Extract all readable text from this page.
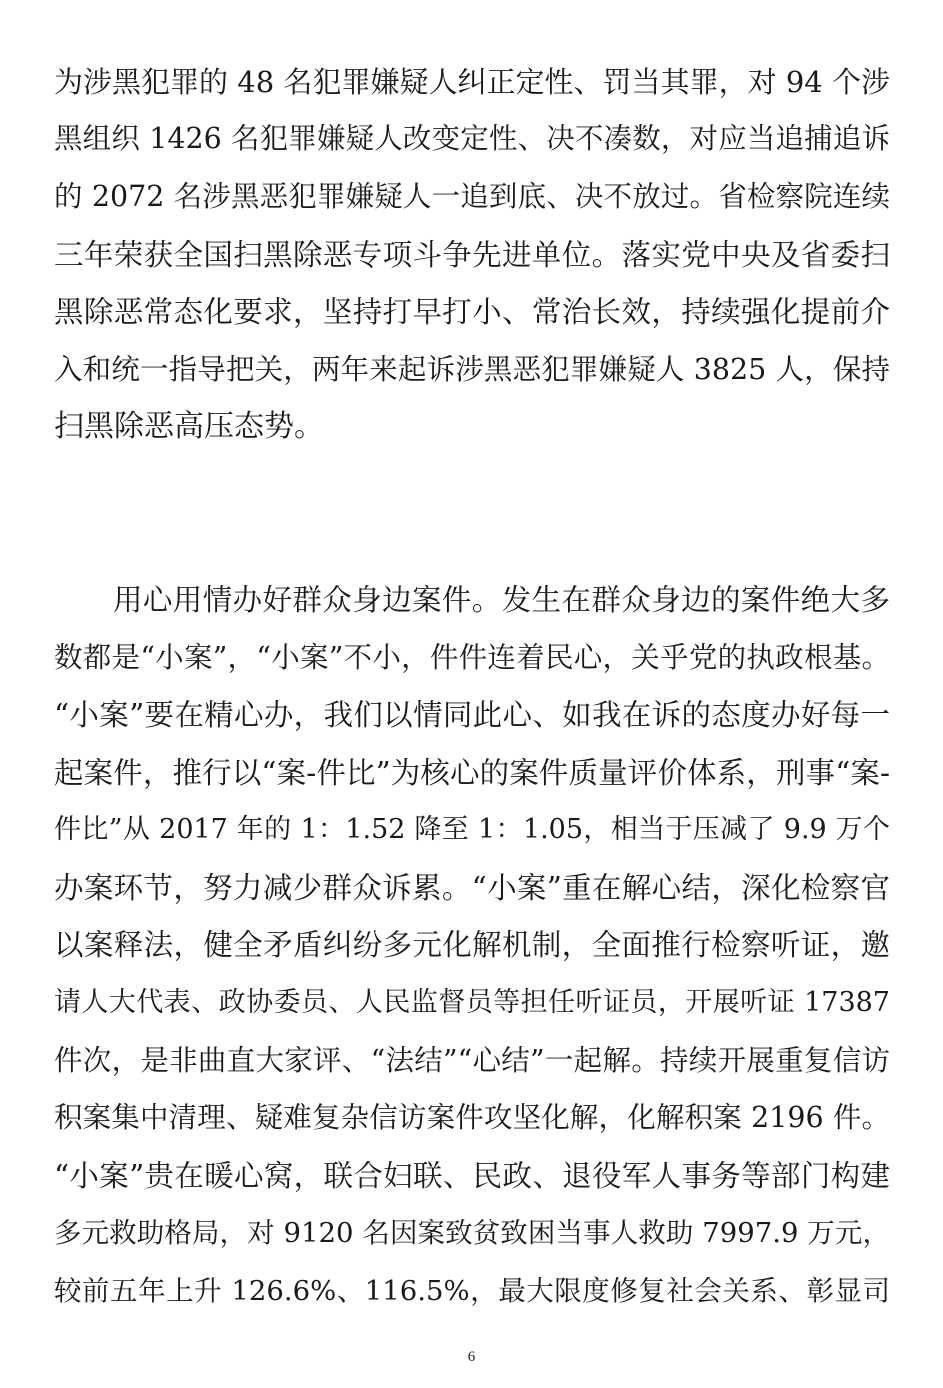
为涉黑犯罪的 48 名犯罪嫌疑人纠正定性、罚当其罪，对 94 个涉
黑组织 1426 名犯罪嫌疑人改变定性、决不凑数，对应当追捕追诉
的 2072 名涉黑恶犯罪嫌疑人一追到底、决不放过。省检察院连续
三年荣获全国扫黑除恶专项斗争先进单位。落实党中央及省委扫
黑除恶常态化要求，坚持打早打小、常治长效，持续强化提前介
入和统一指导把关，两年来起诉涉黑恶犯罪嫌疑人 3825 人，保持
扫黑除恶高压态势。
用心用情办好群众身边案件。发生在群众身边的案件绝大多
数都是“小案”，“小案”不小，件件连着民心，关乎党的执政根基。
“小案”要在精心办，我们以情同此心、如我在诉的态度办好每一
起案件，推行以“案-件比”为核心的案件质量评价体系，刑事“案-
件比”从 2017 年的 1：1.52 降至 1：1.05，相当于压减了 9.9 万个
办案环节，努力减少群众诉累。“小案”重在解心结，深化检察官
以案释法，健全矛盾纠纷多元化解机制，全面推行检察听证，邀
请人大代表、政协委员、人民监督员等担任听证员，开展听证 17387
件次，是非曲直大家评、“法结”“心结”一起解。持续开展重复信访
积案集中清理、疑难复杂信访案件攻坚化解，化解积案 2196 件。
“小案”贵在暖心窝，联合妇联、民政、退役军人事务等部门构建
多元救助格局，对 9120 名因案致贫致困当事人救助 7997.9 万元，
较前五年上升 126.6%、116.5%，最大限度修复社会关系、彰显司
6
